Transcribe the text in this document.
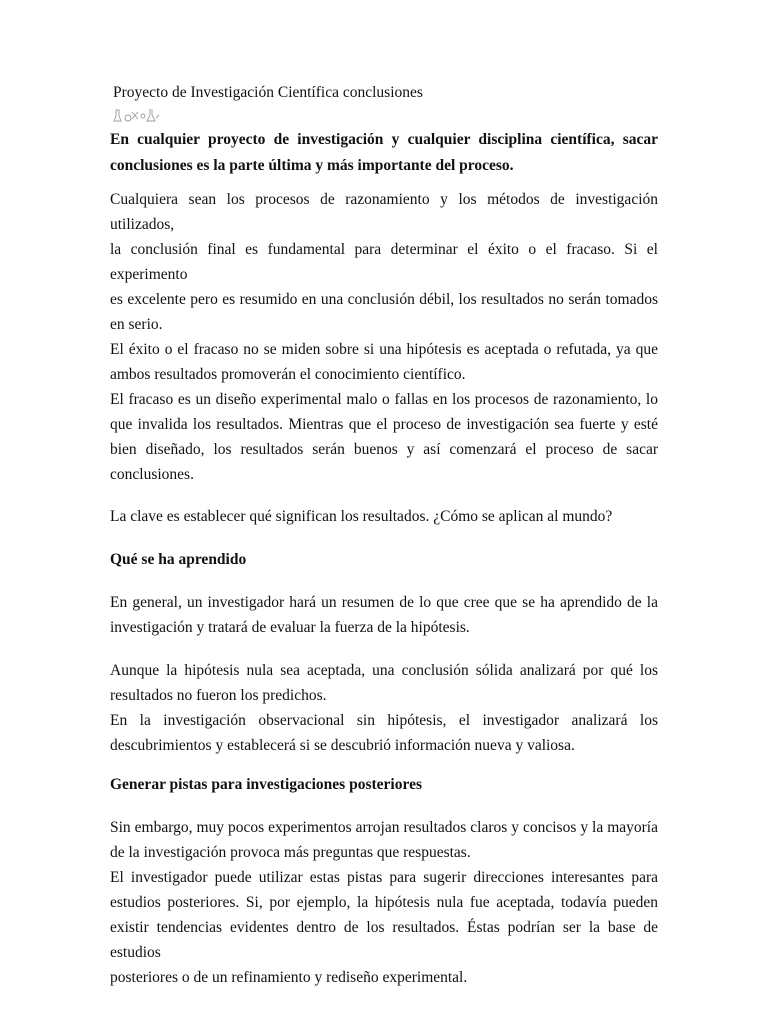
Proyecto de Investigación Científica conclusiones

En cualquier proyecto de investigación y cualquier disciplina científica, sacar
conclusiones es la parte última y más importante del proceso.

Cualquiera sean los procesos de razonamiento y los métodos de investigación utilizados,
la conclusión final es fundamental para determinar el éxito o el fracaso. Si el experimento
es excelente pero es resumido en una conclusión débil, los resultados no serán tomados
en serio.

El éxito o el fracaso no se miden sobre si una hipótesis es aceptada o refutada, ya que
ambos resultados promoverán el conocimiento científico.

El fracaso es un diseño experimental malo o fallas en los procesos de razonamiento, lo
que invalida los resultados. Mientras que el proceso de investigación sea fuerte y esté
bien diseñado, los resultados serán buenos y así comenzará el proceso de sacar
conclusiones.

La clave es establecer qué significan los resultados. ¿Cómo se aplican al mundo?

Qué se ha aprendido

En general, un investigador hará un resumen de lo que cree que se ha aprendido de la
investigación y tratará de evaluar la fuerza de la hipótesis.

Aunque la hipótesis nula sea aceptada, una conclusión sólida analizará por qué los
resultados no fueron los predichos.

En la investigación observacional sin hipótesis, el investigador analizará los
descubrimientos y establecerá si se descubrió información nueva y valiosa.

Generar pistas para investigaciones posteriores

Sin embargo, muy pocos experimentos arrojan resultados claros y concisos y la mayoría
de la investigación provoca más preguntas que respuestas.

El investigador puede utilizar estas pistas para sugerir direcciones interesantes para
estudios posteriores. Si, por ejemplo, la hipótesis nula fue aceptada, todavía pueden
existir tendencias evidentes dentro de los resultados. Éstas podrían ser la base de estudios
posteriores o de un refinamiento y rediseño experimental.
